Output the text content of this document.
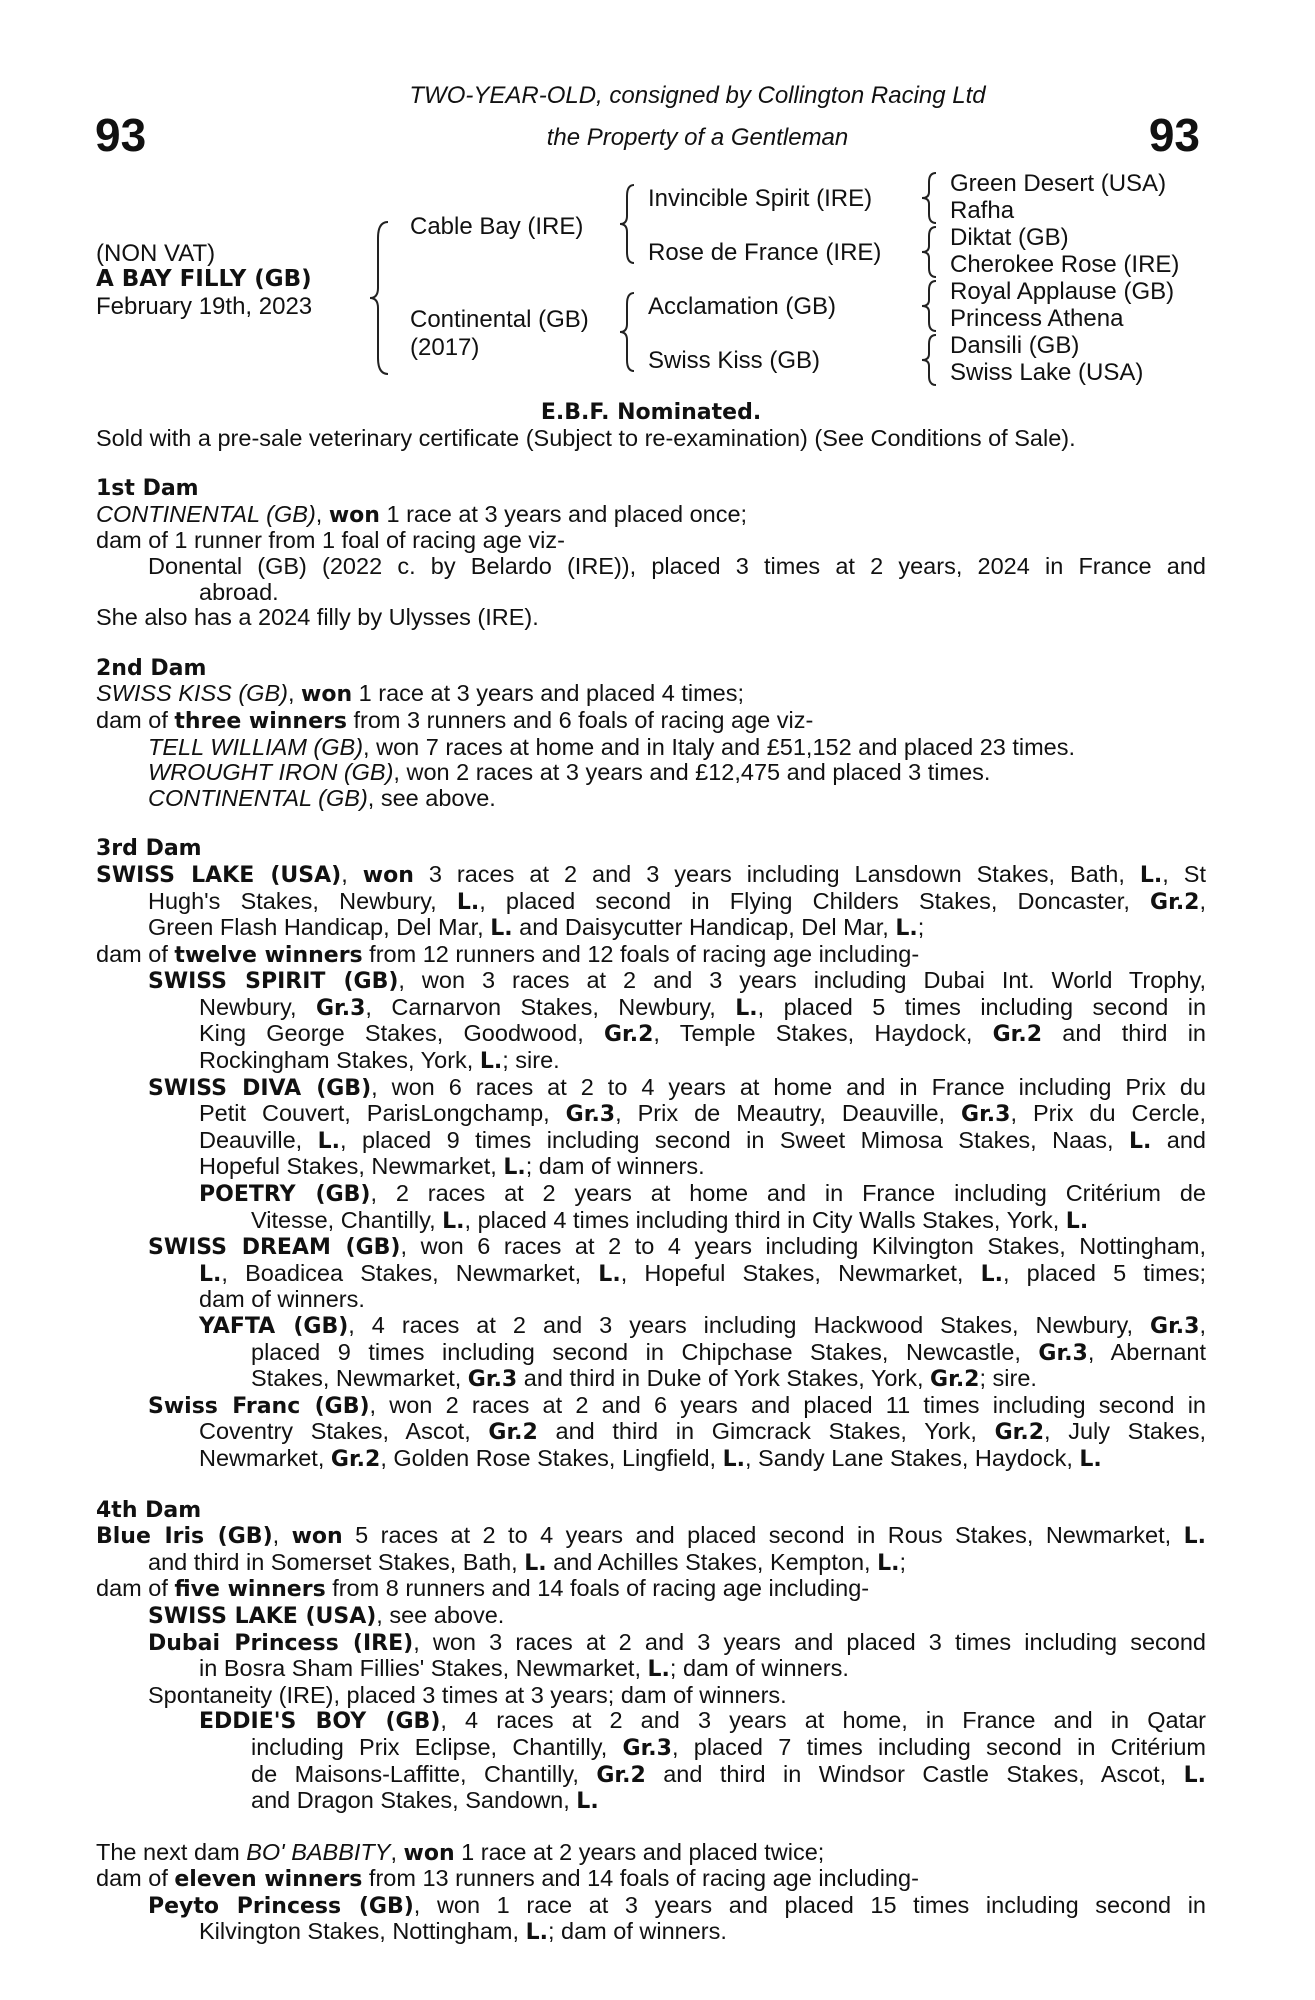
93	93
TWO-YEAR-OLD, consigned by Collington Racing Ltd
the Property of a Gentleman
(NON VAT)
A BAY FILLY (GB)
February 19th, 2023
Cable Bay (IRE)
Continental (GB)
(2017)
Invincible Spirit (IRE)
Rose de France (IRE)
Acclamation (GB)
Swiss Kiss (GB)
Green Desert (USA)
Rafha
Diktat (GB)
Cherokee Rose (IRE)
Royal Applause (GB)
Princess Athena
Dansili (GB)
Swiss Lake (USA)
E.B.F. Nominated.
Sold with a pre-sale veterinary certificate (Subject to re-examination) (See Conditions of Sale).
1st Dam
CONTINENTAL (GB), won 1 race at 3 years and placed once;
dam of 1 runner from 1 foal of racing age viz-
Donental (GB) (2022 c. by Belardo (IRE)), placed 3 times at 2 years, 2024 in France and
abroad.
She also has a 2024 filly by Ulysses (IRE).
2nd Dam
SWISS KISS (GB), won 1 race at 3 years and placed 4 times;
dam of three winners from 3 runners and 6 foals of racing age viz-
TELL WILLIAM (GB), won 7 races at home and in Italy and £51,152 and placed 23 times.
WROUGHT IRON (GB), won 2 races at 3 years and £12,475 and placed 3 times.
CONTINENTAL (GB), see above.
3rd Dam
SWISS LAKE (USA), won 3 races at 2 and 3 years including Lansdown Stakes, Bath, L., St
Hugh's Stakes, Newbury, L., placed second in Flying Childers Stakes, Doncaster, Gr.2,
Green Flash Handicap, Del Mar, L. and Daisycutter Handicap, Del Mar, L.;
dam of twelve winners from 12 runners and 12 foals of racing age including-
SWISS SPIRIT (GB), won 3 races at 2 and 3 years including Dubai Int. World Trophy,
Newbury, Gr.3, Carnarvon Stakes, Newbury, L., placed 5 times including second in
King George Stakes, Goodwood, Gr.2, Temple Stakes, Haydock, Gr.2 and third in
Rockingham Stakes, York, L.; sire.
SWISS DIVA (GB), won 6 races at 2 to 4 years at home and in France including Prix du
Petit Couvert, ParisLongchamp, Gr.3, Prix de Meautry, Deauville, Gr.3, Prix du Cercle,
Deauville, L., placed 9 times including second in Sweet Mimosa Stakes, Naas, L. and
Hopeful Stakes, Newmarket, L.; dam of winners.
POETRY (GB), 2 races at 2 years at home and in France including Critérium de
Vitesse, Chantilly, L., placed 4 times including third in City Walls Stakes, York, L.
SWISS DREAM (GB), won 6 races at 2 to 4 years including Kilvington Stakes, Nottingham,
L., Boadicea Stakes, Newmarket, L., Hopeful Stakes, Newmarket, L., placed 5 times;
dam of winners.
YAFTA (GB), 4 races at 2 and 3 years including Hackwood Stakes, Newbury, Gr.3,
placed 9 times including second in Chipchase Stakes, Newcastle, Gr.3, Abernant
Stakes, Newmarket, Gr.3 and third in Duke of York Stakes, York, Gr.2; sire.
Swiss Franc (GB), won 2 races at 2 and 6 years and placed 11 times including second in
Coventry Stakes, Ascot, Gr.2 and third in Gimcrack Stakes, York, Gr.2, July Stakes,
Newmarket, Gr.2, Golden Rose Stakes, Lingfield, L., Sandy Lane Stakes, Haydock, L.
4th Dam
Blue Iris (GB), won 5 races at 2 to 4 years and placed second in Rous Stakes, Newmarket, L.
and third in Somerset Stakes, Bath, L. and Achilles Stakes, Kempton, L.;
dam of five winners from 8 runners and 14 foals of racing age including-
SWISS LAKE (USA), see above.
Dubai Princess (IRE), won 3 races at 2 and 3 years and placed 3 times including second
in Bosra Sham Fillies' Stakes, Newmarket, L.; dam of winners.
Spontaneity (IRE), placed 3 times at 3 years; dam of winners.
EDDIE'S BOY (GB), 4 races at 2 and 3 years at home, in France and in Qatar
including Prix Eclipse, Chantilly, Gr.3, placed 7 times including second in Critérium
de Maisons-Laffitte, Chantilly, Gr.2 and third in Windsor Castle Stakes, Ascot, L.
and Dragon Stakes, Sandown, L.
The next dam BO' BABBITY, won 1 race at 2 years and placed twice;
dam of eleven winners from 13 runners and 14 foals of racing age including-
Peyto Princess (GB), won 1 race at 3 years and placed 15 times including second in
Kilvington Stakes, Nottingham, L.; dam of winners.
